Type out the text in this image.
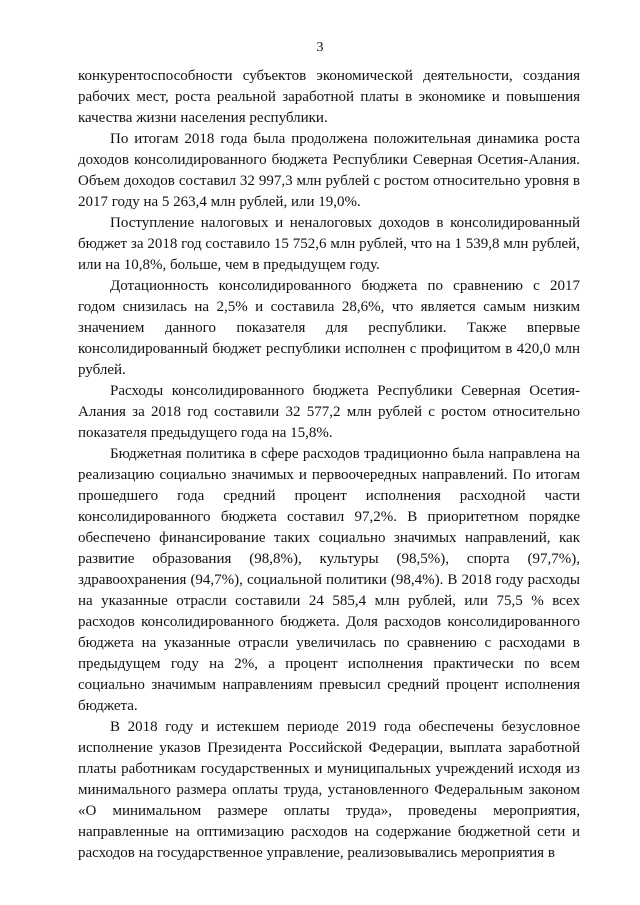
3

конкурентоспособности субъектов экономической деятельности, создания рабочих мест, роста реальной заработной платы в экономике и повышения качества жизни населения республики.

По итогам 2018 года была продолжена положительная динамика роста доходов консолидированного бюджета Республики Северная Осетия-Алания. Объем доходов составил 32 997,3 млн рублей с ростом относительно уровня в 2017 году на 5 263,4 млн рублей, или 19,0%.

Поступление налоговых и неналоговых доходов в консолидированный бюджет за 2018 год составило 15 752,6 млн рублей, что на 1 539,8 млн рублей, или на 10,8%, больше, чем в предыдущем году.

Дотационность консолидированного бюджета по сравнению с 2017 годом снизилась на 2,5% и составила 28,6%, что является самым низким значением данного показателя для республики. Также впервые консолидированный бюджет республики исполнен с профицитом в 420,0 млн рублей.

Расходы консолидированного бюджета Республики Северная Осетия-Алания за 2018 год составили 32 577,2 млн рублей с ростом относительно показателя предыдущего года на 15,8%.

Бюджетная политика в сфере расходов традиционно была направлена на реализацию социально значимых и первоочередных направлений. По итогам прошедшего года средний процент исполнения расходной части консолидированного бюджета составил 97,2%. В приоритетном порядке обеспечено финансирование таких социально значимых направлений, как развитие образования (98,8%), культуры (98,5%), спорта (97,7%), здравоохранения (94,7%), социальной политики (98,4%). В 2018 году расходы на указанные отрасли составили 24 585,4 млн рублей, или 75,5 % всех расходов консолидированного бюджета. Доля расходов консолидированного бюджета на указанные отрасли увеличилась по сравнению с расходами в предыдущем году на 2%, а процент исполнения практически по всем социально значимым направлениям превысил средний процент исполнения бюджета.

В 2018 году и истекшем периоде 2019 года обеспечены безусловное исполнение указов Президента Российской Федерации, выплата заработной платы работникам государственных и муниципальных учреждений исходя из минимального размера оплаты труда, установленного Федеральным законом «О минимальном размере оплаты труда», проведены мероприятия, направленные на оптимизацию расходов на содержание бюджетной сети и расходов на государственное управление, реализовывались мероприятия в
